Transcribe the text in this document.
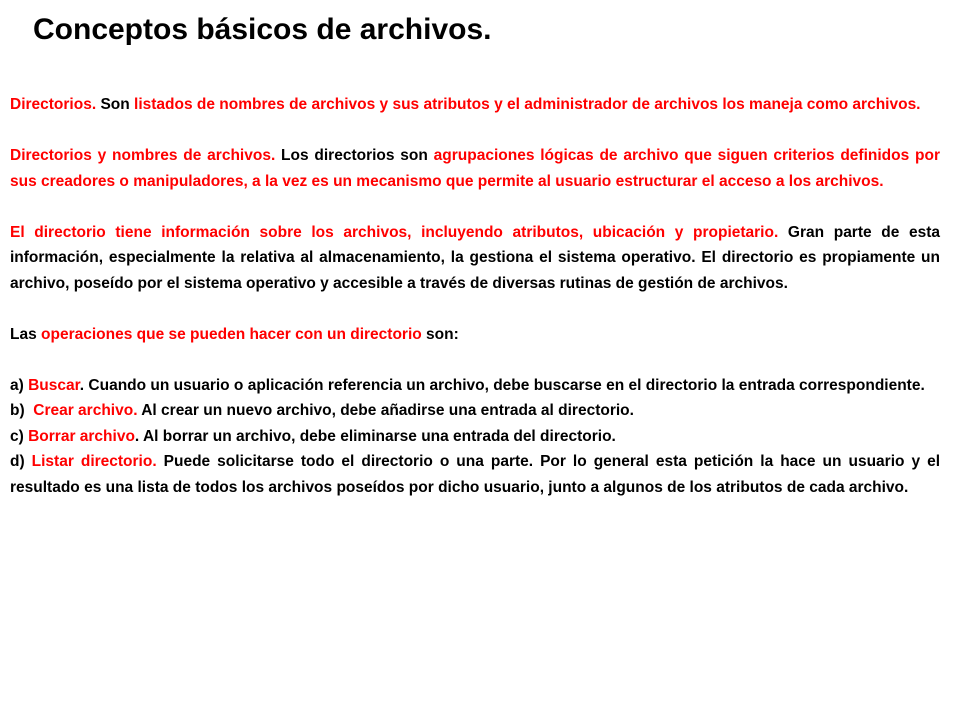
Conceptos básicos de archivos.

Directorios. Son listados de nombres de archivos y sus atributos y el administrador de archivos los maneja como archivos.

Directorios y nombres de archivos. Los directorios son agrupaciones lógicas de archivo que siguen criterios definidos por sus creadores o manipuladores, a la vez es un mecanismo que permite al usuario estructurar el acceso a los archivos.

El directorio tiene información sobre los archivos, incluyendo atributos, ubicación y propietario. Gran parte de esta información, especialmente la relativa al almacenamiento, la gestiona el sistema operativo. El directorio es propiamente un archivo, poseído por el sistema operativo y accesible a través de diversas rutinas de gestión de archivos.

Las operaciones que se pueden hacer con un directorio son:

a) Buscar. Cuando un usuario o aplicación referencia un archivo, debe buscarse en el directorio la entrada correspondiente.

b)  Crear archivo. Al crear un nuevo archivo, debe añadirse una entrada al directorio.

c) Borrar archivo. Al borrar un archivo, debe eliminarse una entrada del directorio.

d) Listar directorio. Puede solicitarse todo el directorio o una parte. Por lo general esta petición la hace un usuario y el resultado es una lista de todos los archivos poseídos por dicho usuario, junto a algunos de los atributos de cada archivo.
